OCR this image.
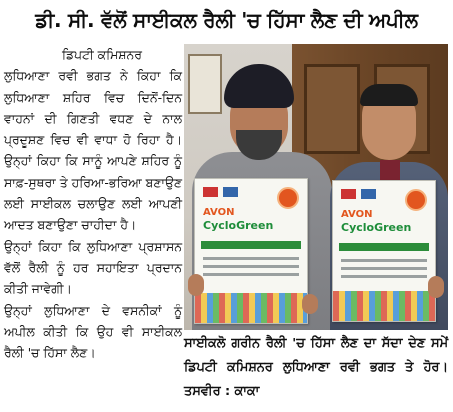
ਡੀ. ਸੀ. ਵੱਲੋਂ ਸਾਈਕਲ ਰੈਲੀ 'ਚ ਹਿੱਸਾ ਲੈਣ ਦੀ ਅਪੀਲ
ਡਿਪਟੀ ਕਮਿਸ਼ਨਰ
ਲੁਧਿਆਣਾ ਰਵੀ ਭਗਤ ਨੇ ਕਿਹਾ ਕਿ ਲੁਧਿਆਣਾ ਸ਼ਹਿਰ ਵਿਚ ਦਿਨੋਂ-ਦਿਨ ਵਾਹਨਾਂ ਦੀ ਗਿਣਤੀ ਵਧਣ ਦੇ ਨਾਲ ਪ੍ਰਦੂਸ਼ਣ ਵਿਚ ਵੀ ਵਾਧਾ ਹੋ ਰਿਹਾ ਹੈ। ਉਨ੍ਹਾਂ ਕਿਹਾ ਕਿ ਸਾਨੂੰ ਆਪਣੇ ਸ਼ਹਿਰ ਨੂੰ ਸਾਫ਼-ਸੁਥਰਾ ਤੇ ਹਰਿਆ-ਭਰਿਆ ਬਣਾਉਣ ਲਈ ਸਾਈਕਲ ਚਲਾਉਣ ਲਈ ਆਪਣੀ ਆਦਤ ਬਣਾਉਣਾ ਚਾਹੀਦਾ ਹੈ।
ਉਨ੍ਹਾਂ ਕਿਹਾ ਕਿ ਲੁਧਿਆਣਾ ਪ੍ਰਸ਼ਾਸਨ ਵੱਲੋਂ ਰੈਲੀ ਨੂੰ ਹਰ ਸਹਾਇਤਾ ਪ੍ਰਦਾਨ ਕੀਤੀ ਜਾਵੇਗੀ।
ਉਨ੍ਹਾਂ ਲੁਧਿਆਣਾ ਦੇ ਵਸਨੀਕਾਂ ਨੂੰ ਅਪੀਲ ਕੀਤੀ ਕਿ ਉਹ ਵੀ ਸਾਈਕਲ ਰੈਲੀ 'ਚ ਹਿੱਸਾ ਲੈਣ।
AVON
CycloGreen
AVON
CycloGreen
ਸਾਈਕਲੋ ਗਰੀਨ ਰੈਲੀ 'ਚ ਹਿੱਸਾ ਲੈਣ ਦਾ ਸੱਦਾ ਦੇਣ ਸਮੇਂ ਡਿਪਟੀ ਕਮਿਸ਼ਨਰ ਲੁਧਿਆਣਾ ਰਵੀ ਭਗਤ ਤੇ ਹੋਰ। ਤਸਵੀਰ : ਕਾਕਾ
